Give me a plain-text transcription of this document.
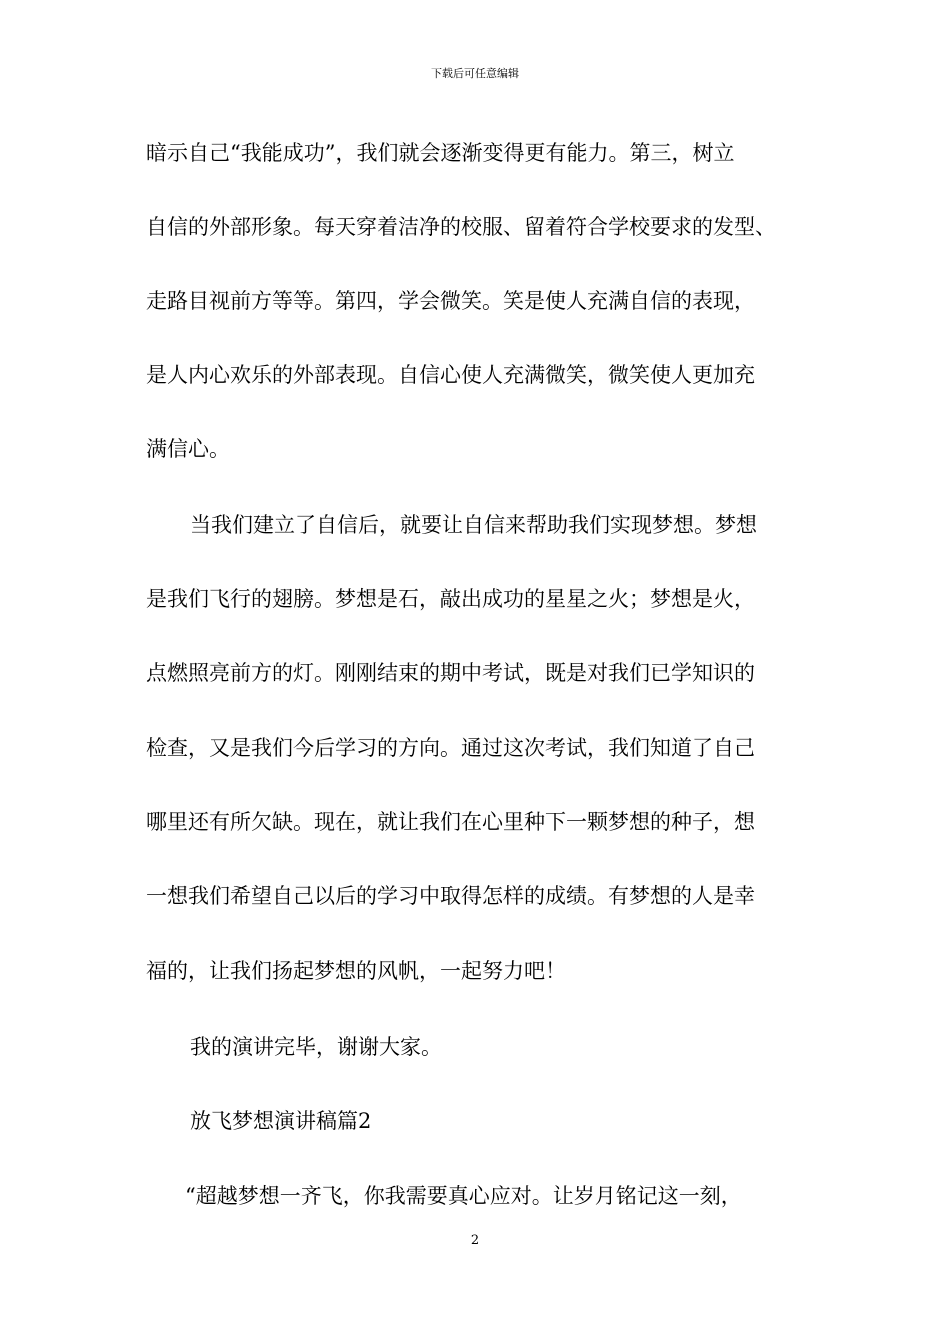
下载后可任意编辑
暗示自己“我能成功”，我们就会逐渐变得更有能力。第三，树立
自信的外部形象。每天穿着洁净的校服、留着符合学校要求的发型、
走路目视前方等等。第四，学会微笑。笑是使人充满自信的表现，
是人内心欢乐的外部表现。自信心使人充满微笑，微笑使人更加充
满信心。
当我们建立了自信后，就要让自信来帮助我们实现梦想。梦想
是我们飞行的翅膀。梦想是石，敲出成功的星星之火；梦想是火，
点燃照亮前方的灯。刚刚结束的期中考试，既是对我们已学知识的
检查，又是我们今后学习的方向。通过这次考试，我们知道了自己
哪里还有所欠缺。现在，就让我们在心里种下一颗梦想的种子，想
一想我们希望自己以后的学习中取得怎样的成绩。有梦想的人是幸
福的，让我们扬起梦想的风帆，一起努力吧！
我的演讲完毕，谢谢大家。
放飞梦想演讲稿篇2
“超越梦想一齐飞，你我需要真心应对。让岁月铭记这一刻，
2
